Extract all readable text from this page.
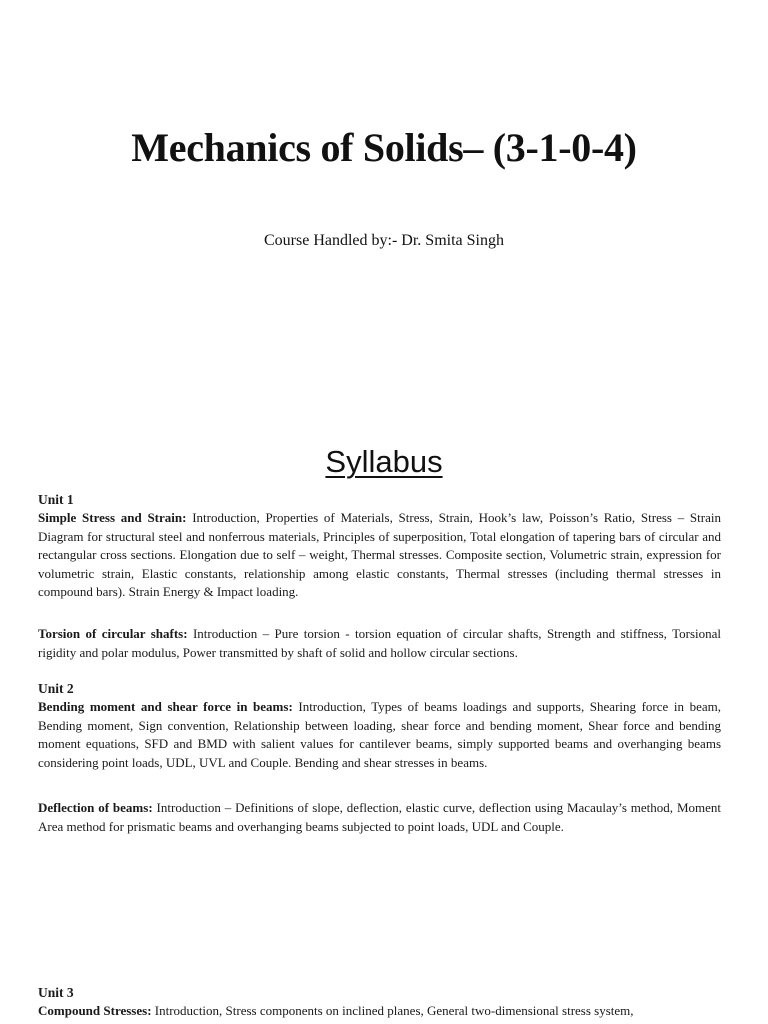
Mechanics of Solids– (3-1-0-4)
Course Handled by:- Dr. Smita Singh
Syllabus
Unit 1

Simple Stress and Strain: Introduction, Properties of Materials, Stress, Strain, Hook’s law, Poisson’s Ratio, Stress – Strain Diagram for structural steel and nonferrous materials, Principles of superposition, Total elongation of tapering bars of circular and rectangular cross sections. Elongation due to self – weight, Thermal stresses. Composite section, Volumetric strain, expression for volumetric strain, Elastic constants, relationship among elastic constants, Thermal stresses (including thermal stresses in compound bars). Strain Energy & Impact loading.

Torsion of circular shafts: Introduction – Pure torsion - torsion equation of circular shafts, Strength and stiffness, Torsional rigidity and polar modulus, Power transmitted by shaft of solid and hollow circular sections.

Unit 2

Bending moment and shear force in beams: Introduction, Types of beams loadings and supports, Shearing force in beam, Bending moment, Sign convention, Relationship between loading, shear force and bending moment, Shear force and bending moment equations, SFD and BMD with salient values for cantilever beams, simply supported beams and overhanging beams considering point loads, UDL, UVL and Couple. Bending and shear stresses in beams.

Deflection of beams: Introduction – Definitions of slope, deflection, elastic curve, deflection using Macaulay’s method, Moment Area method for prismatic beams and overhanging beams subjected to point loads, UDL and Couple.

Unit 3

Compound Stresses: Introduction, Stress components on inclined planes, General two-dimensional stress system,
